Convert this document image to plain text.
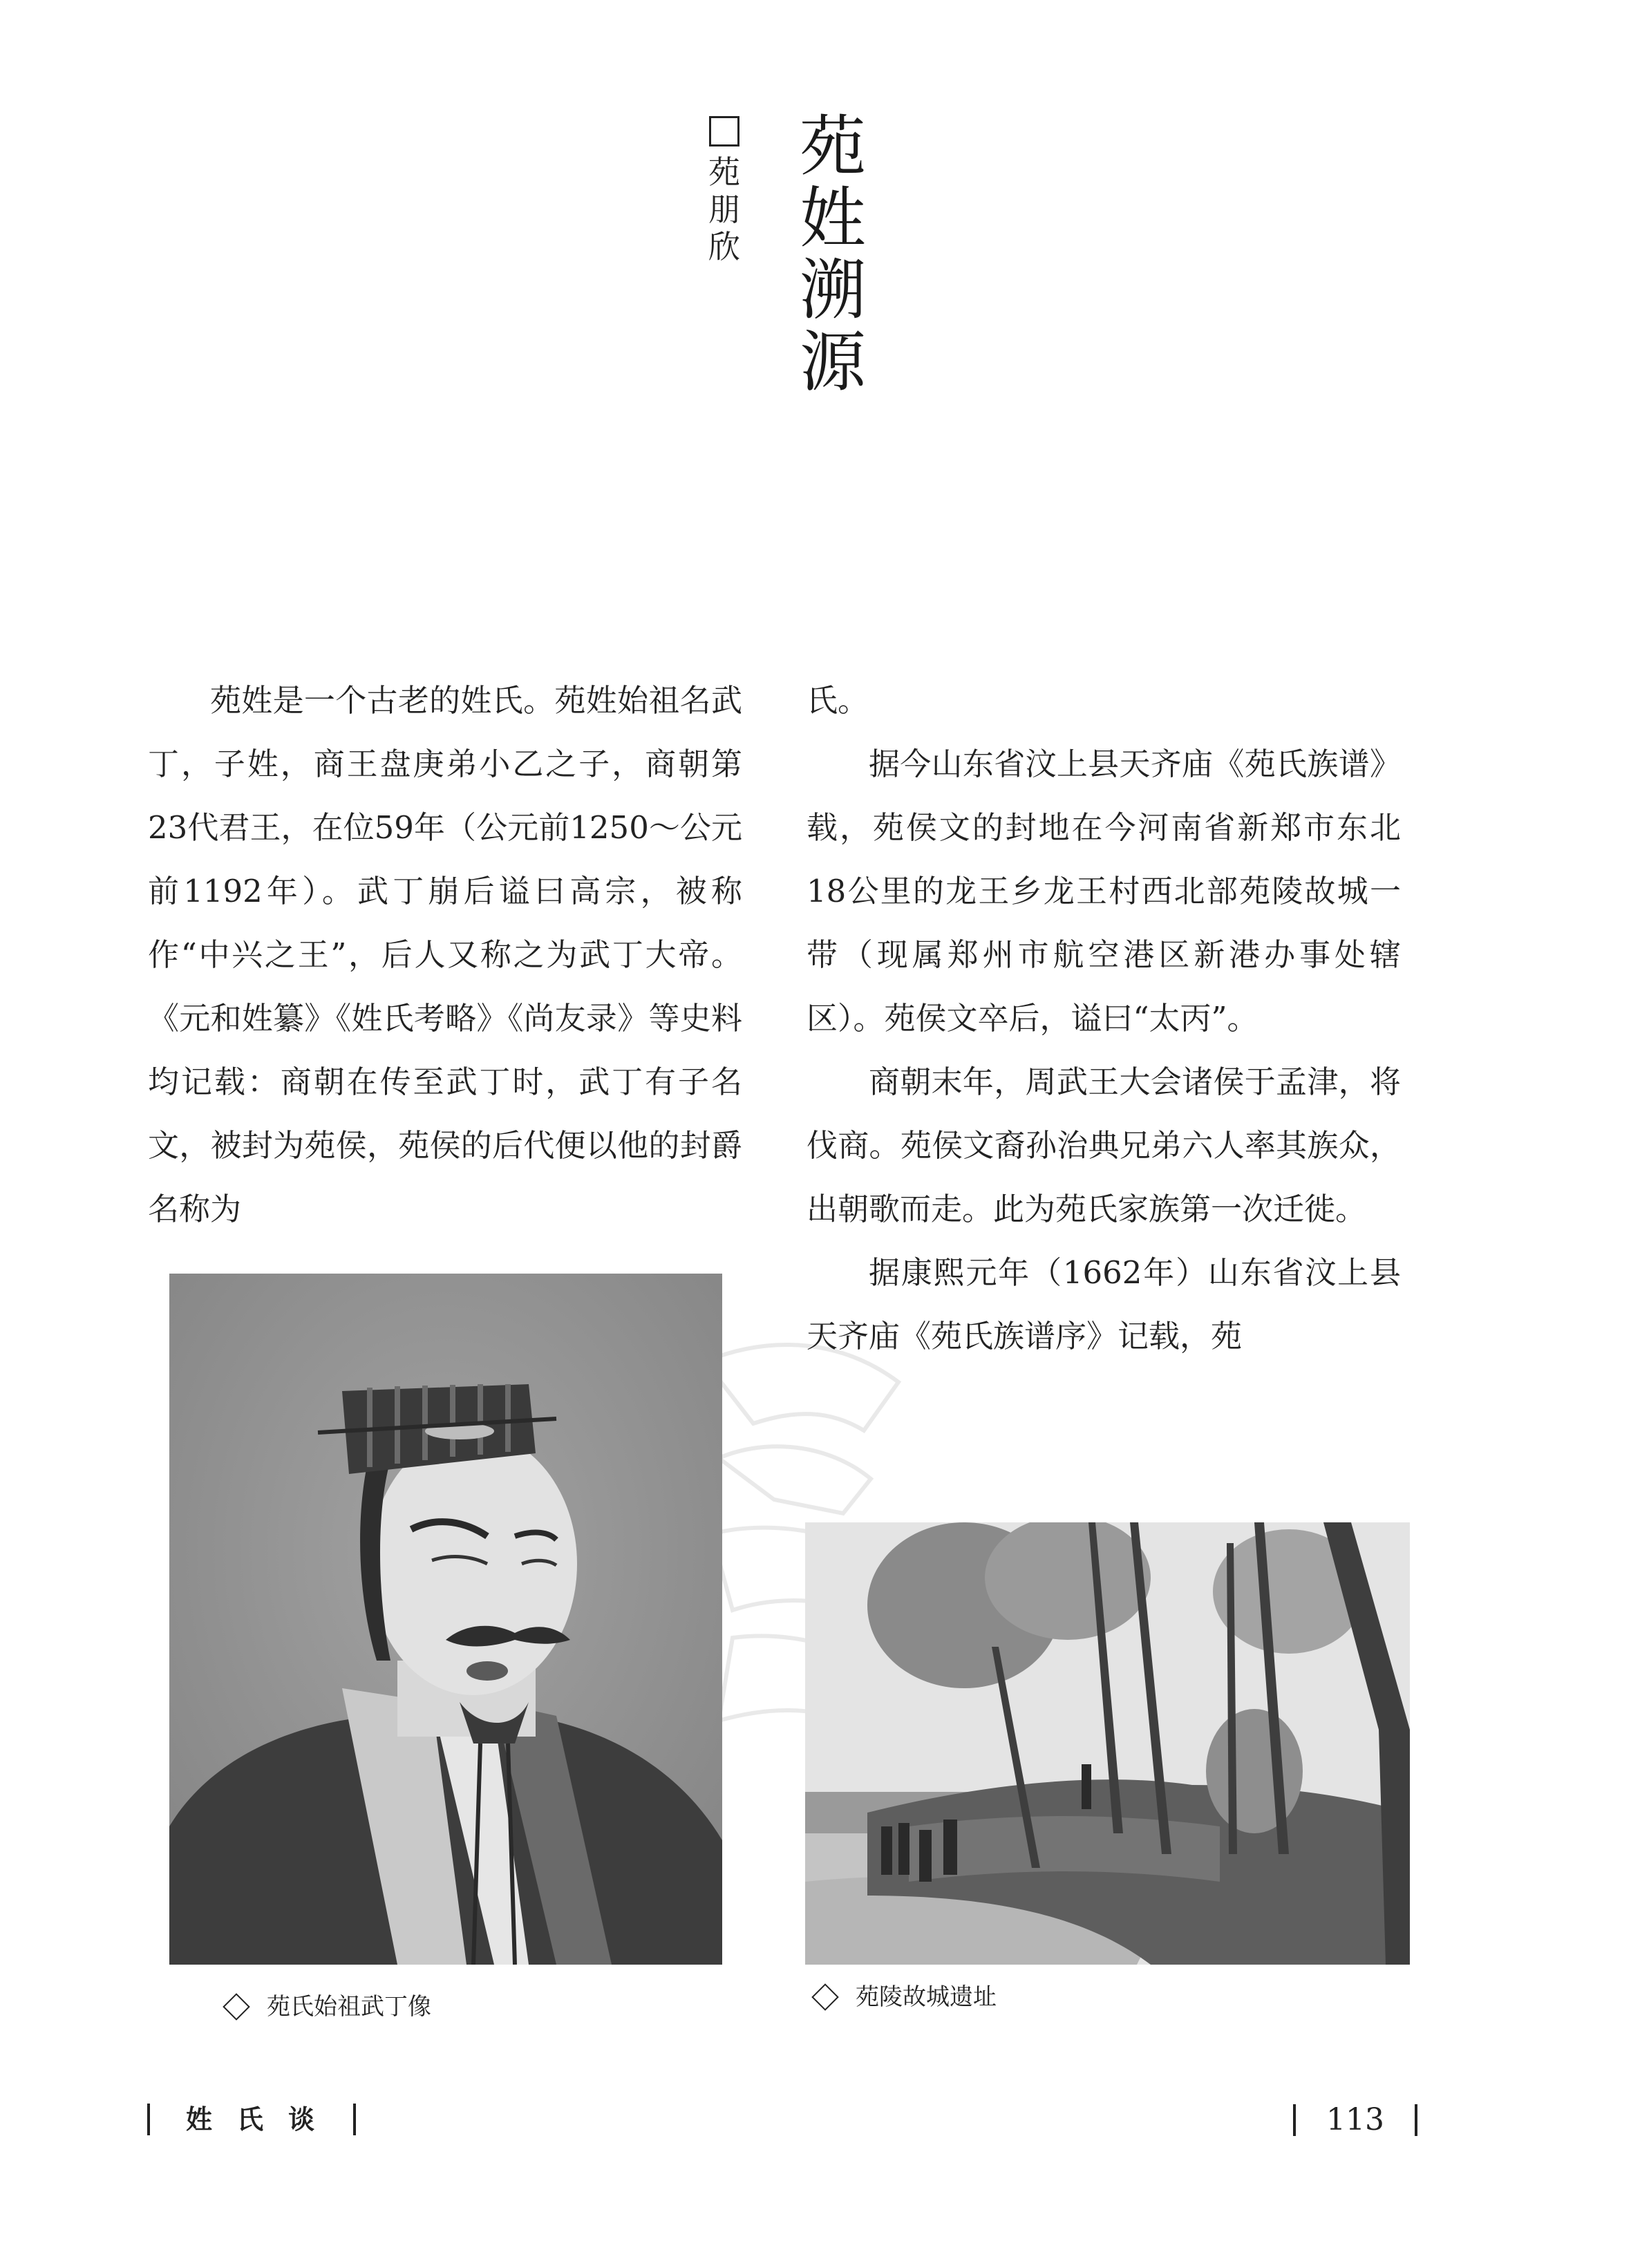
苑
姓
溯
源
苑
朋
欣

苑姓是一个古老的姓氏。苑姓始祖名武丁，子姓，商王盘庚弟小乙之子，商朝第23代君王，在位59年（公元前1250～公元前1192年）。武丁崩后谥曰高宗，被称作“中兴之王”，后人又称之为武丁大帝。《元和姓纂》《姓氏考略》《尚友录》等史料均记载：商朝在传至武丁时，武丁有子名文，被封为苑侯，苑侯的后代便以他的封爵名称为

氏。

据今山东省汶上县天齐庙《苑氏族谱》载，苑侯文的封地在今河南省新郑市东北18公里的龙王乡龙王村西北部苑陵故城一带（现属郑州市航空港区新港办事处辖区）。苑侯文卒后，谥曰“太丙”。

商朝末年，周武王大会诸侯于孟津，将伐商。苑侯文裔孙治典兄弟六人率其族众，出朝歌而走。此为苑氏家族第一次迁徙。

据康熙元年（1662年）山东省汶上县天齐庙《苑氏族谱序》记载，苑

苑氏始祖武丁像	苑陵故城遗址
姓氏谈	113
